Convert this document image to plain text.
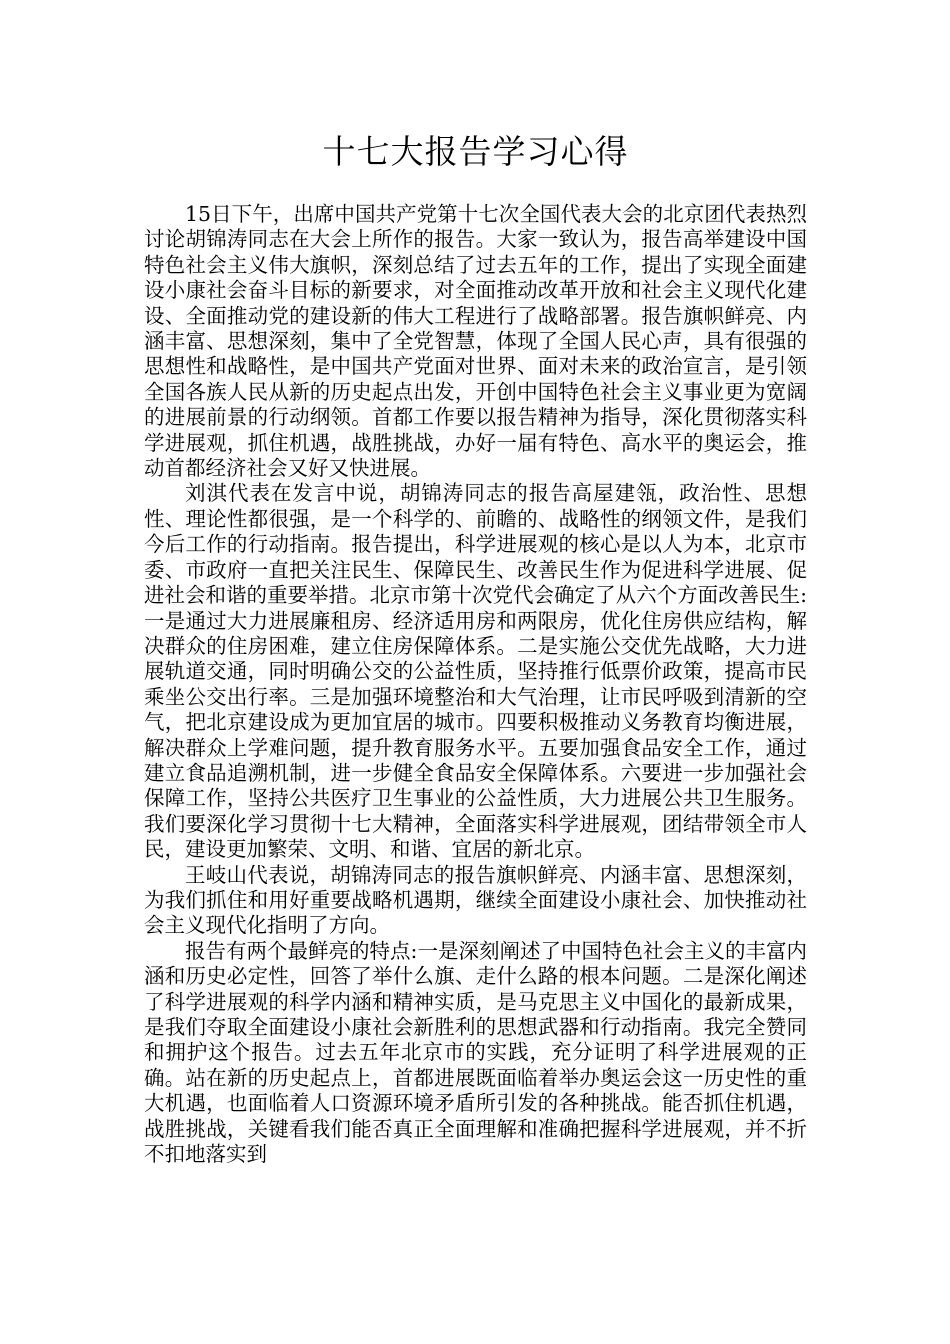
十七大报告学习心得

15日下午，出席中国共产党第十七次全国代表大会的北京团代表热烈讨论胡锦涛同志在大会上所作的报告。大家一致认为，报告高举建设中国特色社会主义伟大旗帜，深刻总结了过去五年的工作，提出了实现全面建设小康社会奋斗目标的新要求，对全面推动改革开放和社会主义现代化建设、全面推动党的建设新的伟大工程进行了战略部署。报告旗帜鲜亮、内涵丰富、思想深刻，集中了全党智慧，体现了全国人民心声，具有很强的思想性和战略性，是中国共产党面对世界、面对未来的政治宣言，是引领全国各族人民从新的历史起点出发，开创中国特色社会主义事业更为宽阔的进展前景的行动纲领。首都工作要以报告精神为指导，深化贯彻落实科学进展观，抓住机遇，战胜挑战，办好一届有特色、高水平的奥运会，推动首都经济社会又好又快进展。

刘淇代表在发言中说，胡锦涛同志的报告高屋建瓴，政治性、思想性、理论性都很强，是一个科学的、前瞻的、战略性的纲领文件，是我们今后工作的行动指南。报告提出，科学进展观的核心是以人为本，北京市委、市政府一直把关注民生、保障民生、改善民生作为促进科学进展、促进社会和谐的重要举措。北京市第十次党代会确定了从六个方面改善民生:一是通过大力进展廉租房、经济适用房和两限房，优化住房供应结构，解决群众的住房困难，建立住房保障体系。二是实施公交优先战略，大力进展轨道交通，同时明确公交的公益性质，坚持推行低票价政策，提高市民乘坐公交出行率。三是加强环境整治和大气治理，让市民呼吸到清新的空气，把北京建设成为更加宜居的城市。四要积极推动义务教育均衡进展，解决群众上学难问题，提升教育服务水平。五要加强食品安全工作，通过建立食品追溯机制，进一步健全食品安全保障体系。六要进一步加强社会保障工作，坚持公共医疗卫生事业的公益性质，大力进展公共卫生服务。我们要深化学习贯彻十七大精神，全面落实科学进展观，团结带领全市人民，建设更加繁荣、文明、和谐、宜居的新北京。

王岐山代表说，胡锦涛同志的报告旗帜鲜亮、内涵丰富、思想深刻，为我们抓住和用好重要战略机遇期，继续全面建设小康社会、加快推动社会主义现代化指明了方向。

报告有两个最鲜亮的特点:一是深刻阐述了中国特色社会主义的丰富内涵和历史必定性，回答了举什么旗、走什么路的根本问题。二是深化阐述了科学进展观的科学内涵和精神实质，是马克思主义中国化的最新成果，是我们夺取全面建设小康社会新胜利的思想武器和行动指南。我完全赞同和拥护这个报告。过去五年北京市的实践，充分证明了科学进展观的正确。站在新的历史起点上，首都进展既面临着举办奥运会这一历史性的重大机遇，也面临着人口资源环境矛盾所引发的各种挑战。能否抓住机遇，战胜挑战，关键看我们能否真正全面理解和准确把握科学进展观，并不折不扣地落实到
